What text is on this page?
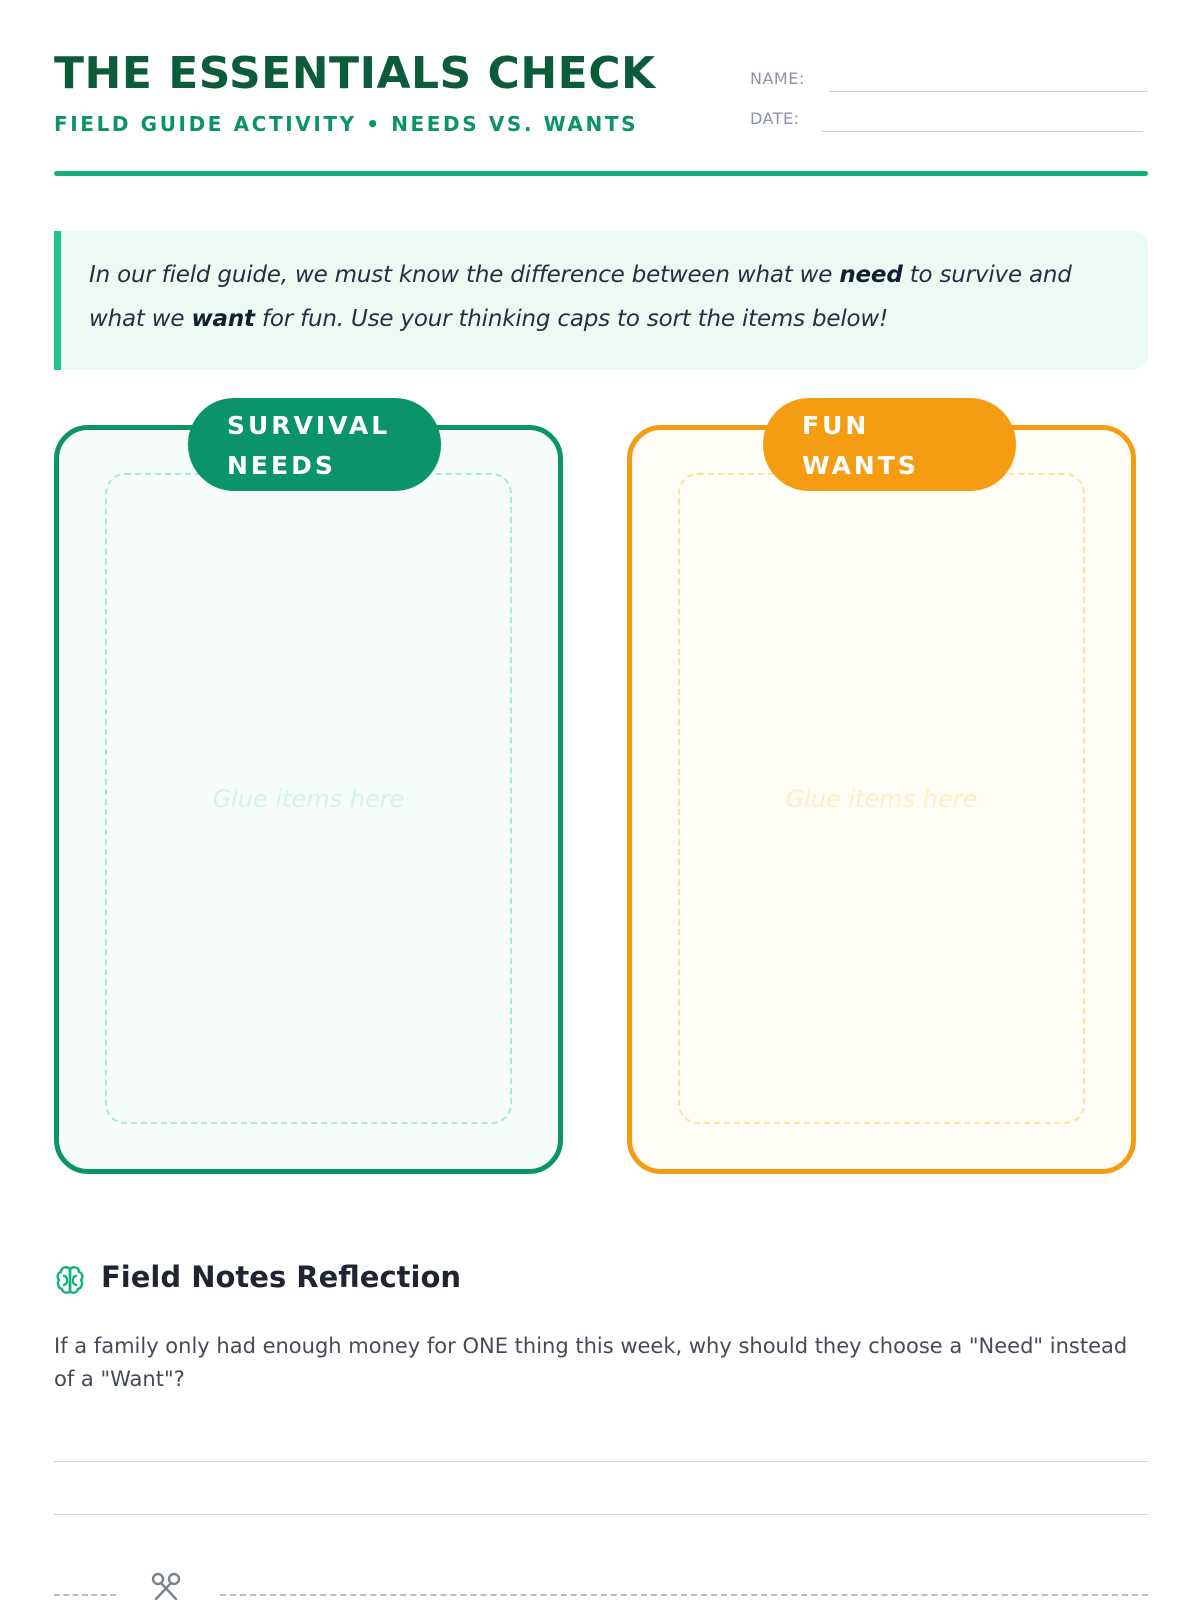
THE ESSENTIALS CHECK
FIELD GUIDE ACTIVITY • NEEDS VS. WANTS
NAME:
DATE:
In our field guide, we must know the difference between what we need to survive and what we want for fun. Use your thinking caps to sort the items below!
Glue items here
SURVIVAL
NEEDS
Glue items here
FUN
WANTS
Field Notes Reflection
If a family only had enough money for ONE thing this week, why should they choose a "Need" instead of a "Want"?
